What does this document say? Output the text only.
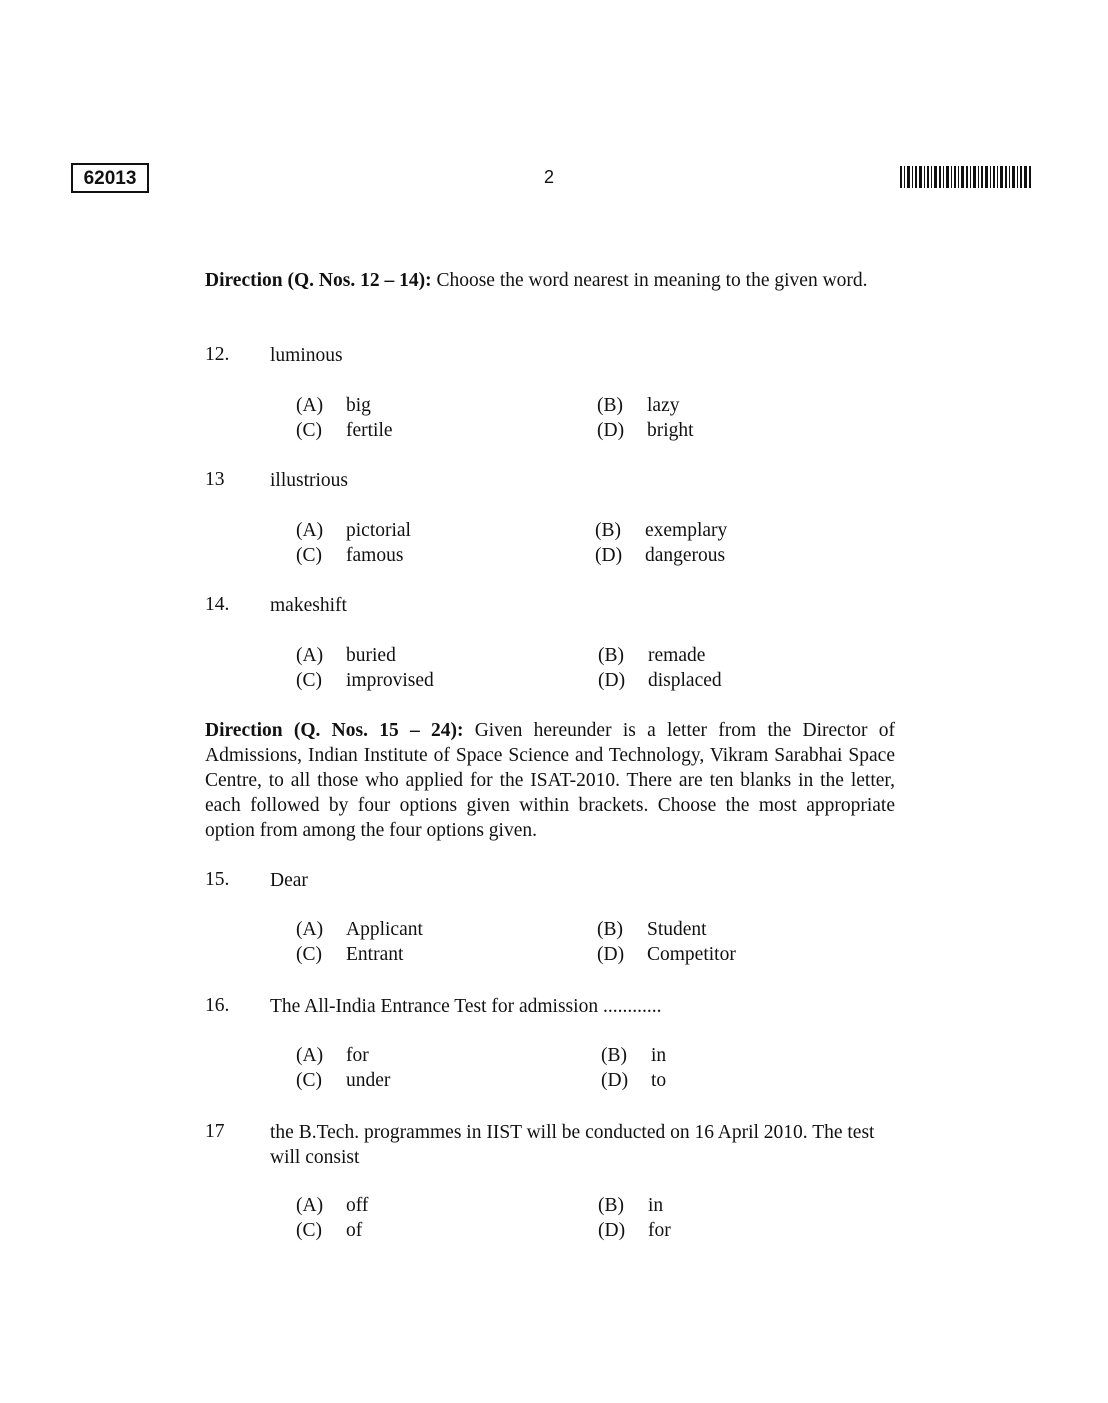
62013	2
Direction (Q. Nos. 12 – 14): Choose the word nearest in meaning to the given word.
12. luminous
(A) big	(B) lazy
(C) fertile	(D) bright
13 illustrious
(A) pictorial	(B) exemplary
(C) famous	(D) dangerous
14. makeshift
(A) buried	(B) remade
(C) improvised	(D) displaced
Direction (Q. Nos. 15 – 24): Given hereunder is a letter from the Director of Admissions, Indian Institute of Space Science and Technology, Vikram Sarabhai Space Centre, to all those who applied for the ISAT-2010. There are ten blanks in the letter, each followed by four options given within brackets. Choose the most appropriate option from among the four options given.
15. Dear
(A) Applicant	(B) Student
(C) Entrant	(D) Competitor
16. The All-India Entrance Test for admission ............
(A) for	(B) in
(C) under	(D) to
17 the B.Tech. programmes in IIST will be conducted on 16 April 2010. The test will consist
(A) off	(B) in
(C) of	(D) for
